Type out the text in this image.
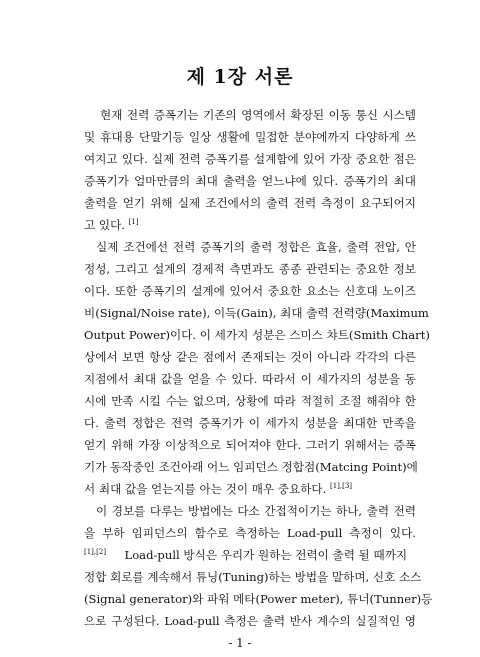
제 1장 서론
현재 전력 증폭기는 기존의 영역에서 확장된 이동 통신 시스템
및 휴대용 단말기등 일상 생활에 밀접한 분야에까지 다양하게 쓰
여지고 있다. 실제 전력 증폭기를 설계함에 있어 가장 중요한 점은
증폭기가 얼마만큼의 최대 출력을 얻느냐에 있다. 증폭기의 최대
출력을 얻기 위해 실제 조건에서의 출력 전력 측정이 요구되어지
고 있다. [1]
실제 조건에선 전력 증폭기의 출력 정합은 효율, 출력 전압, 안
정성, 그리고 설계의 경제적 측면과도 종종 관련되는 중요한 정보
이다. 또한 증폭기의 설계에 있어서 중요한 요소는 신호대 노이즈
비(Signal/Noise rate), 이득(Gain), 최대 출력 전력량(Maximum
Output Power)이다. 이 세가지 성분은 스미스 챠트(Smith Chart)
상에서 보면 항상 같은 점에서 존재되는 것이 아니라 각각의 다른
지점에서 최대 값을 얻을 수 있다. 따라서 이 세가지의 성분을 동
시에 만족 시킬 수는 없으며, 상황에 따라 적절히 조절 해줘야 한
다. 출력 정합은 전력 증폭기가 이 세가지 성분을 최대한 만족을
얻기 위해 가장 이상적으로 되어져야 한다. 그러기 위해서는 증폭
기가 동작중인 조건아래 어느 임피던스 정합점(Matcing Point)에
서 최대 값을 얻는지를 아는 것이 매우 중요하다. [1],[3]
이 경보를 다루는 방법에는 다소 간접적이기는 하나, 출력 전력
을 부하 임피던스의 함수로 측정하는 Load-pull 측정이 있다.
[1],[2] Load-pull 방식은 우리가 원하는 전력이 출력 될 때까지
정합 회로를 계속해서 튜닝(Tuning)하는 방법을 말하며, 신호 소스
(Signal generator)와 파워 메타(Power meter), 튜너(Tunner)등
으로 구성된다. Load-pull 측정은 출력 반사 계수의 실질적인 영
- 1 -
